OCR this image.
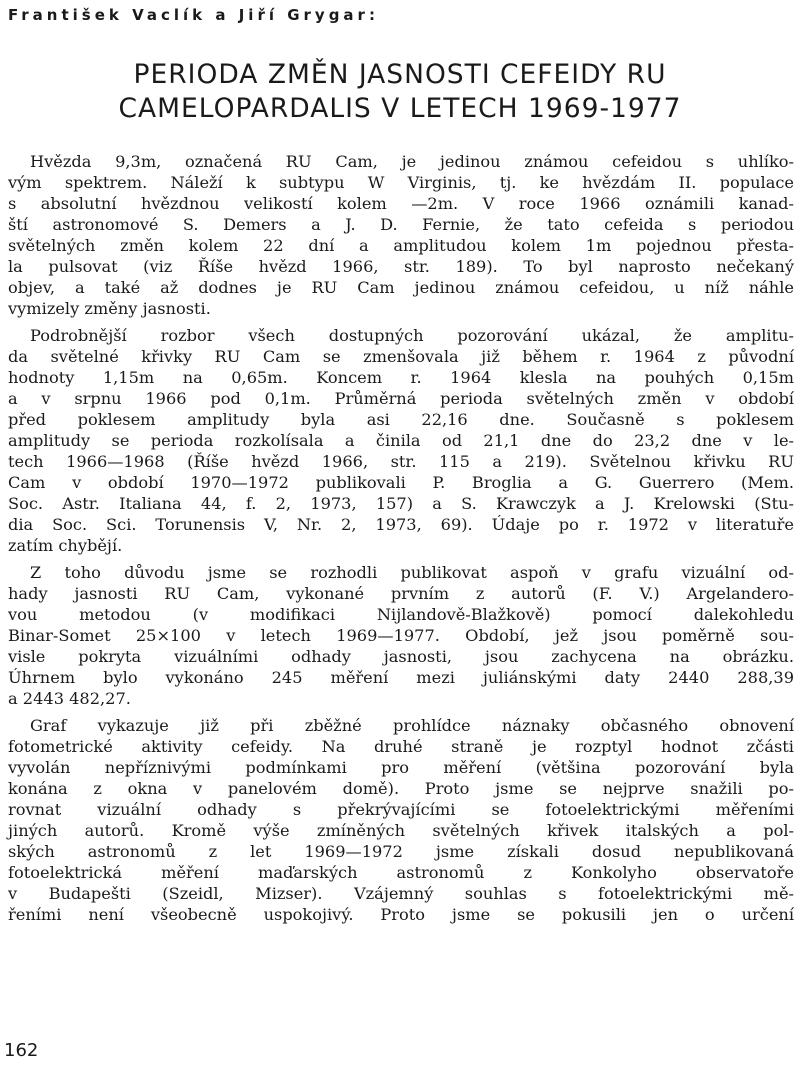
František Vaclík a Jiří Grygar:
PERIODA ZMĚN JASNOSTI CEFEIDY RU
CAMELOPARDALIS V LETECH 1969-1977

Hvězda 9,3m, označená RU Cam, je jedinou známou cefeidou s uhlíko-
vým spektrem. Náleží k subtypu W Virginis, tj. ke hvězdám II. populace
s absolutní hvězdnou velikostí kolem —2m. V roce 1966 oznámili kanad-
ští astronomové S. Demers a J. D. Fernie, že tato cefeida s periodou
světelných změn kolem 22 dní a amplitudou kolem 1m pojednou přesta-
la pulsovat (viz Říše hvězd 1966, str. 189). To byl naprosto nečekaný
objev, a také až dodnes je RU Cam jedinou známou cefeidou, u níž náhle
vymizely změny jasnosti.

Podrobnější rozbor všech dostupných pozorování ukázal, že amplitu-
da světelné křivky RU Cam se zmenšovala již během r. 1964 z původní
hodnoty 1,15m na 0,65m. Koncem r. 1964 klesla na pouhých 0,15m
a v srpnu 1966 pod 0,1m. Průměrná perioda světelných změn v období
před poklesem amplitudy byla asi 22,16 dne. Současně s poklesem
amplitudy se perioda rozkolísala a činila od 21,1 dne do 23,2 dne v le-
tech 1966—1968 (Říše hvězd 1966, str. 115 a 219). Světelnou křivku RU
Cam v období 1970—1972 publikovali P. Broglia a G. Guerrero (Mem.
Soc. Astr. Italiana 44, f. 2, 1973, 157) a S. Krawczyk a J. Krelowski (Stu-
dia Soc. Sci. Torunensis V, Nr. 2, 1973, 69). Údaje po r. 1972 v literatuře
zatím chybějí.

Z toho důvodu jsme se rozhodli publikovat aspoň v grafu vizuální od-
hady jasnosti RU Cam, vykonané prvním z autorů (F. V.) Argelandero-
vou metodou (v modifikaci Nijlandově-Blažkově) pomocí dalekohledu
Binar-Somet 25×100 v letech 1969—1977. Období, jež jsou poměrně sou-
visle pokryta vizuálními odhady jasnosti, jsou zachycena na obrázku.
Úhrnem bylo vykonáno 245 měření mezi juliánskými daty 2440 288,39
a 2443 482,27.

Graf vykazuje již při zběžné prohlídce náznaky občasného obnovení
fotometrické aktivity cefeidy. Na druhé straně je rozptyl hodnot zčásti
vyvolán nepříznivými podmínkami pro měření (většina pozorování byla
konána z okna v panelovém domě). Proto jsme se nejprve snažili po-
rovnat vizuální odhady s překrývajícími se fotoelektrickými měřeními
jiných autorů. Kromě výše zmíněných světelných křivek italských a pol-
ských astronomů z let 1969—1972 jsme získali dosud nepublikovaná
fotoelektrická měření maďarských astronomů z Konkolyho observatoře
v Budapešti (Szeidl, Mizser). Vzájemný souhlas s fotoelektrickými mě-
řeními není všeobecně uspokojivý. Proto jsme se pokusili jen o určení

162
